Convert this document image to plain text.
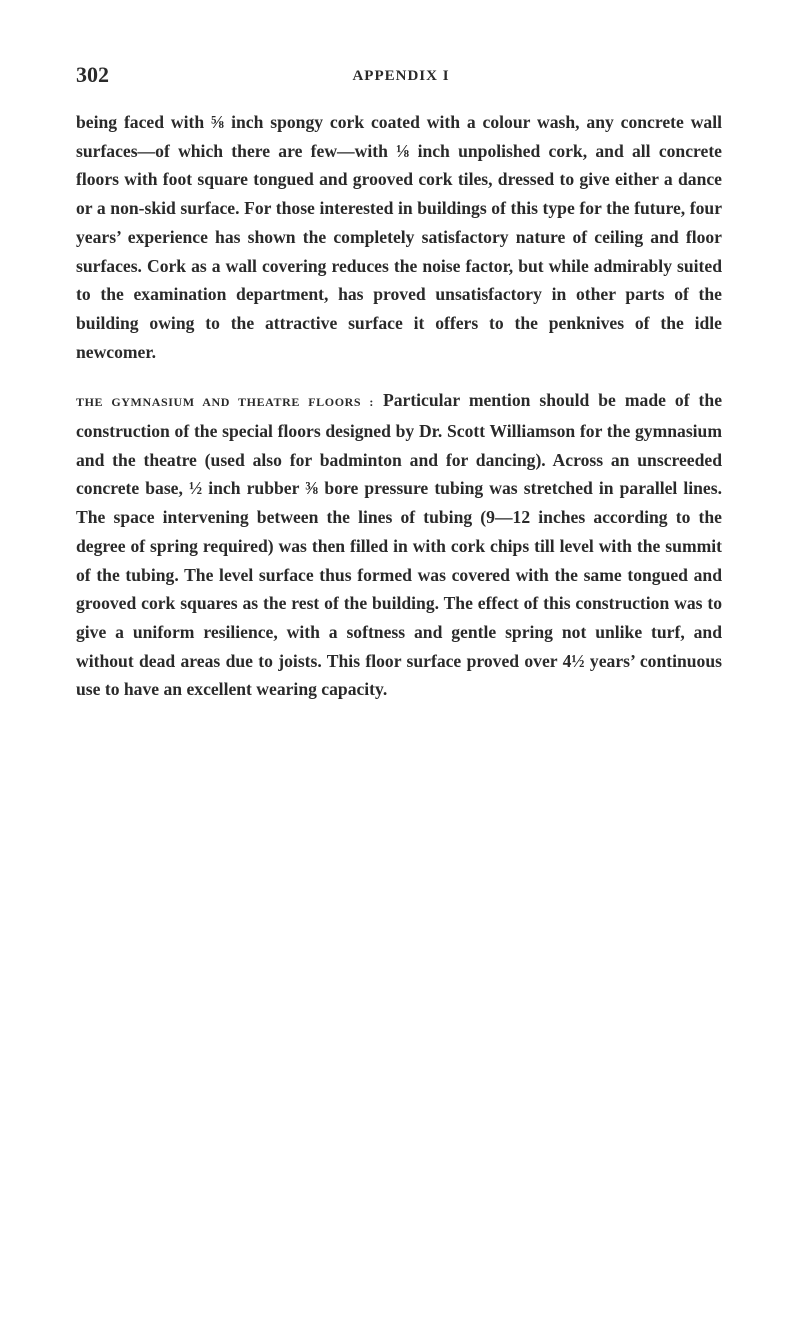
302	APPENDIX I

being faced with ⅝ inch spongy cork coated with a colour wash, any concrete wall surfaces—of which there are few—with ⅛ inch unpolished cork, and all concrete floors with foot square tongued and grooved cork tiles, dressed to give either a dance or a non-skid surface. For those interested in buildings of this type for the future, four years’ experience has shown the completely satisfactory nature of ceiling and floor surfaces. Cork as a wall covering reduces the noise factor, but while admirably suited to the examination department, has proved unsatisfactory in other parts of the building owing to the attractive surface it offers to the penknives of the idle newcomer.

THE GYMNASIUM AND THEATRE FLOORS : Particular mention should be made of the construction of the special floors designed by Dr. Scott Williamson for the gymnasium and the theatre (used also for badminton and for dancing). Across an unscreeded concrete base, ½ inch rubber ⅜ bore pressure tubing was stretched in parallel lines. The space intervening between the lines of tubing (9—12 inches according to the degree of spring required) was then filled in with cork chips till level with the summit of the tubing. The level surface thus formed was covered with the same tongued and grooved cork squares as the rest of the building. The effect of this construction was to give a uniform resilience, with a softness and gentle spring not unlike turf, and without dead areas due to joists. This floor surface proved over 4½ years’ continuous use to have an excellent wearing capacity.
